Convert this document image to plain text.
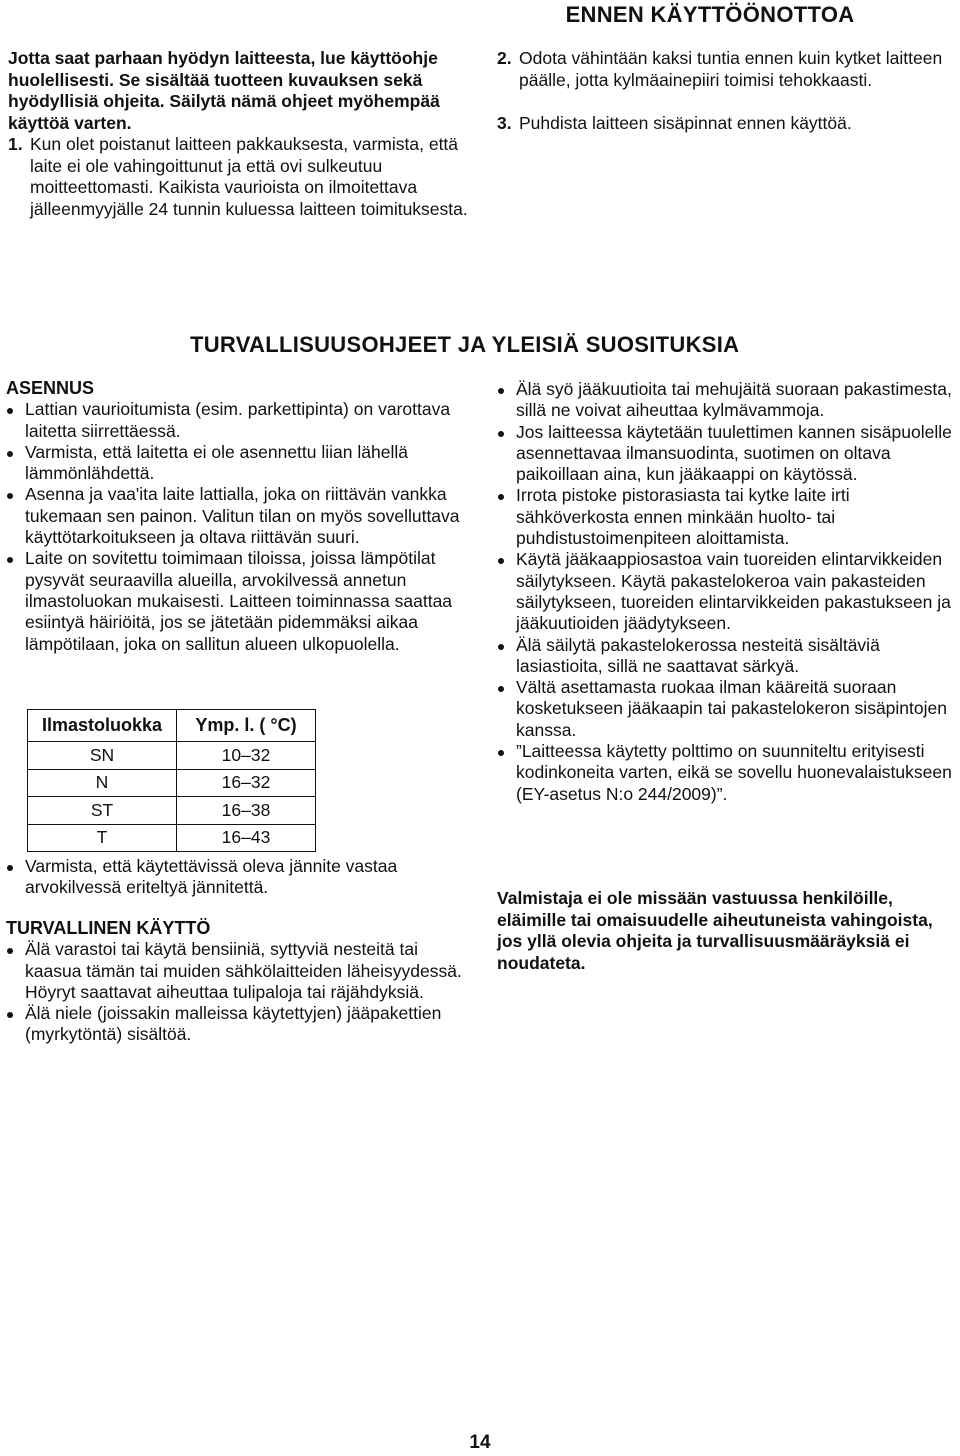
ENNEN KÄYTTÖÖNOTTOA
Jotta saat parhaan hyödyn laitteesta, lue käyttöohje huolellisesti. Se sisältää tuotteen kuvauksen sekä hyödyllisiä ohjeita. Säilytä nämä ohjeet myöhempää käyttöä varten.
1. Kun olet poistanut laitteen pakkauksesta, varmista, että laite ei ole vahingoittunut ja että ovi sulkeutuu moitteettomasti. Kaikista vaurioista on ilmoitettava jälleenmyyjälle 24 tunnin kuluessa laitteen toimituksesta.
2. Odota vähintään kaksi tuntia ennen kuin kytket laitteen päälle, jotta kylmäainepiiri toimisi tehokkaasti.
3. Puhdista laitteen sisäpinnat ennen käyttöä.
TURVALLISUUSOHJEET JA YLEISIÄ SUOSITUKSIA
ASENNUS
Lattian vaurioitumista (esim. parkettipinta) on varottava laitetta siirrettäessä.
Varmista, että laitetta ei ole asennettu liian lähellä lämmönlähdettä.
Asenna ja vaa'ita laite lattialla, joka on riittävän vankka tukemaan sen painon. Valitun tilan on myös sovelluttava käyttötarkoitukseen ja oltava riittävän suuri.
Laite on sovitettu toimimaan tiloissa, joissa lämpötilat pysyvät seuraavilla alueilla, arvokilvessä annetun ilmastoluokan mukaisesti. Laitteen toiminnassa saattaa esiintyä häiriöitä, jos se jätetään pidemmäksi aikaa lämpötilaan, joka on sallitun alueen ulkopuolella.
Ilmastoluokka	Ymp. l. ( °C)
SN	10–32
N	16–32
ST	16–38
T	16–43
Varmista, että käytettävissä oleva jännite vastaa arvokilvessä eriteltyä jännitettä.
TURVALLINEN KÄYTTÖ
Älä varastoi tai käytä bensiiniä, syttyviä nesteitä tai kaasua tämän tai muiden sähkölaitteiden läheisyydessä. Höyryt saattavat aiheuttaa tulipaloja tai räjähdyksiä.
Älä niele (joissakin malleissa käytettyjen) jääpakettien (myrkytöntä) sisältöä.
Älä syö jääkuutioita tai mehujäitä suoraan pakastimesta, sillä ne voivat aiheuttaa kylmävammoja.
Jos laitteessa käytetään tuulettimen kannen sisäpuolelle asennettavaa ilmansuodinta, suotimen on oltava paikoillaan aina, kun jääkaappi on käytössä.
Irrota pistoke pistorasiasta tai kytke laite irti sähköverkosta ennen minkään huolto- tai puhdistustoimenpiteen aloittamista.
Käytä jääkaappiosastoa vain tuoreiden elintarvikkeiden säilytykseen. Käytä pakastelokeroa vain pakasteiden säilytykseen, tuoreiden elintarvikkeiden pakastukseen ja jääkuutioiden jäädytykseen.
Älä säilytä pakastelokerossa nesteitä sisältäviä lasiastioita, sillä ne saattavat särkyä.
Vältä asettamasta ruokaa ilman kääreitä suoraan kosketukseen jääkaapin tai pakastelokeron sisäpintojen kanssa.
”Laitteessa käytetty polttimo on suunniteltu erityisesti kodinkoneita varten, eikä se sovellu huonevalaistukseen (EY-asetus N:o 244/2009)”.
Valmistaja ei ole missään vastuussa henkilöille, eläimille tai omaisuudelle aiheutuneista vahingoista, jos yllä olevia ohjeita ja turvallisuusmääräyksiä ei noudateta.
14
